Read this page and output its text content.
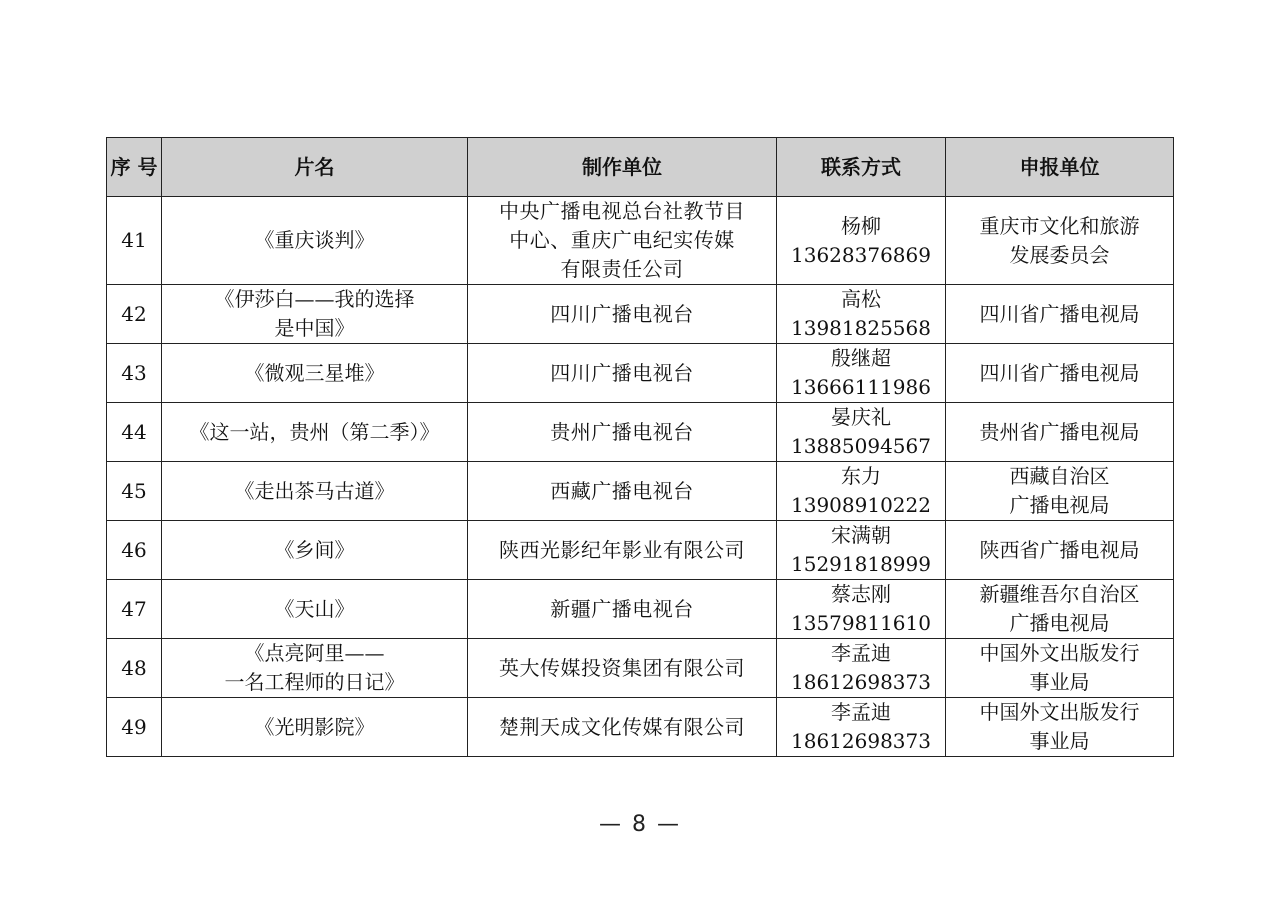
序 号	片名	制作单位	联系方式	申报单位
41	《重庆谈判》	中央广播电视总台社教节目
中心、重庆广电纪实传媒
有限责任公司	杨柳
13628376869	重庆市文化和旅游
发展委员会

42	《伊莎白——我的选择
是中国》	四川广播电视台	高松
13981825568	四川省广播电视局

43	《微观三星堆》	四川广播电视台	殷继超
13666111986	四川省广播电视局

44	《这一站，贵州（第二季）》	贵州广播电视台	晏庆礼
13885094567	贵州省广播电视局

45	《走出茶马古道》	西藏广播电视台	东力
13908910222	西藏自治区
广播电视局

46	《乡间》	陕西光影纪年影业有限公司	宋满朝
15291818999	陕西省广播电视局

47	《天山》	新疆广播电视台	蔡志刚
13579811610	新疆维吾尔自治区
广播电视局

48	《点亮阿里——
一名工程师的日记》	英大传媒投资集团有限公司	李孟迪
18612698373	中国外文出版发行
事业局

49	《光明影院》	楚荆天成文化传媒有限公司	李孟迪
18612698373	中国外文出版发行
事业局
— 8 —
